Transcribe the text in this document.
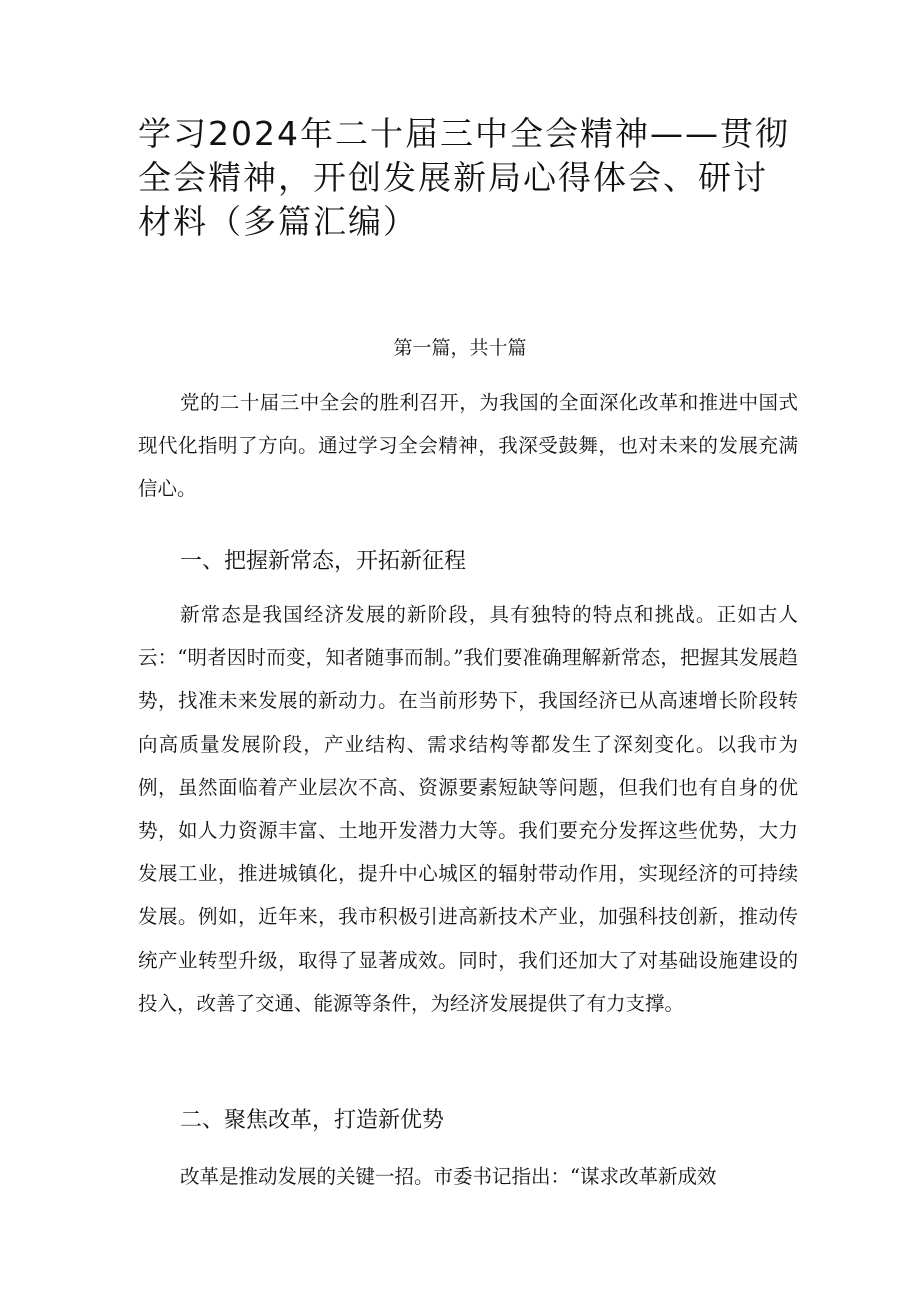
学习2024年二十届三中全会精神——贯彻全会精神，开创发展新局心得体会、研讨材料（多篇汇编）
第一篇，共十篇

党的二十届三中全会的胜利召开，为我国的全面深化改革和推进中国式现代化指明了方向。通过学习全会精神，我深受鼓舞，也对未来的发展充满信心。

一、把握新常态，开拓新征程

新常态是我国经济发展的新阶段，具有独特的特点和挑战。正如古人云：“明者因时而变，知者随事而制。”我们要准确理解新常态，把握其发展趋势，找准未来发展的新动力。在当前形势下，我国经济已从高速增长阶段转向高质量发展阶段，产业结构、需求结构等都发生了深刻变化。以我市为例，虽然面临着产业层次不高、资源要素短缺等问题，但我们也有自身的优势，如人力资源丰富、土地开发潜力大等。我们要充分发挥这些优势，大力发展工业，推进城镇化，提升中心城区的辐射带动作用，实现经济的可持续发展。例如，近年来，我市积极引进高新技术产业，加强科技创新，推动传统产业转型升级，取得了显著成效。同时，我们还加大了对基础设施建设的投入，改善了交通、能源等条件，为经济发展提供了有力支撑。

二、聚焦改革，打造新优势

改革是推动发展的关键一招。市委书记指出：“谋求改革新成效
